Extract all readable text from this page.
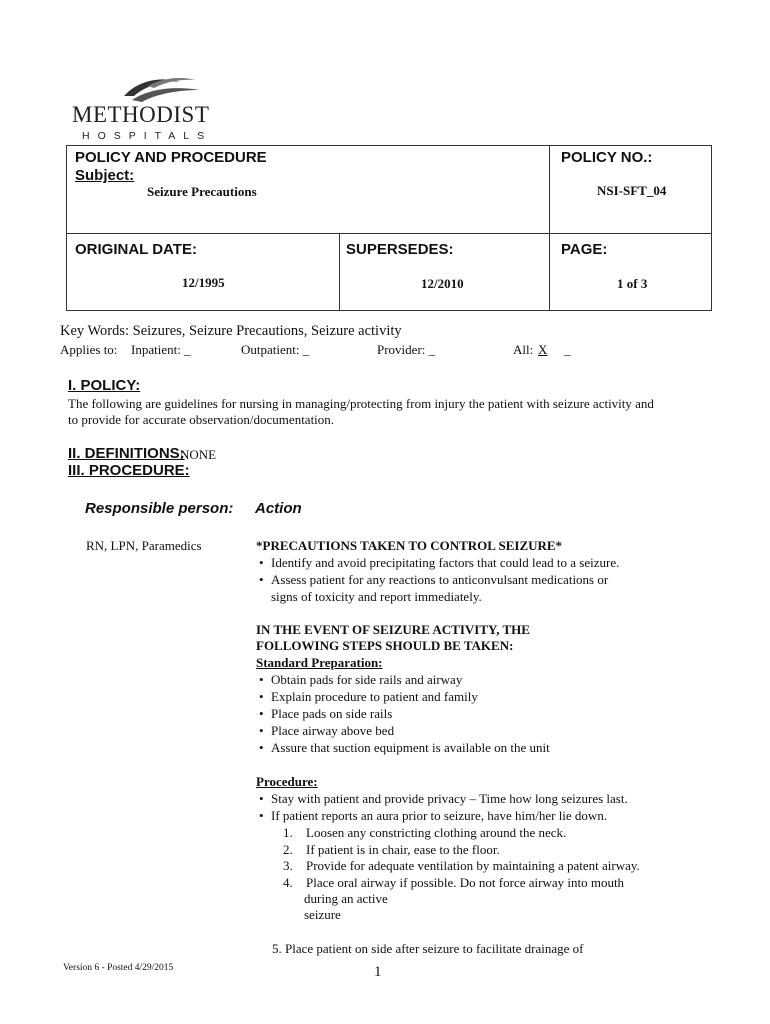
METHODIST
HOSPITALS
POLICY AND PROCEDURE
Subject:
Seizure Precautions
POLICY NO.:
NSI-SFT_04
ORIGINAL DATE:
12/1995
SUPERSEDES:
12/2010
PAGE:
1 of 3
Key Words: Seizures, Seizure Precautions, Seizure activity
Applies to: Inpatient: _	Outpatient: _	Provider: _	All: X _
I. POLICY:
The following are guidelines for nursing in managing/protecting from injury the patient with seizure activity and
to provide for accurate observation/documentation.
II. DEFINITIONS:
NONE
III. PROCEDURE:
Responsible person: Action
RN, LPN, Paramedics	*PRECAUTIONS TAKEN TO CONTROL SEIZURE*
• Identify and avoid precipitating factors that could lead to a seizure.
• Assess patient for any reactions to anticonvulsant medications or
signs of toxicity and report immediately.
IN THE EVENT OF SEIZURE ACTIVITY, THE
FOLLOWING STEPS SHOULD BE TAKEN:
Standard Preparation:
• Obtain pads for side rails and airway
• Explain procedure to patient and family
• Place pads on side rails
• Place airway above bed
• Assure that suction equipment is available on the unit
Procedure:
• Stay with patient and provide privacy – Time how long seizures last.
• If patient reports an aura prior to seizure, have him/her lie down.
1. Loosen any constricting clothing around the neck.
2. If patient is in chair, ease to the floor.
3. Provide for adequate ventilation by maintaining a patent airway.
4. Place oral airway if possible. Do not force airway into mouth
during an active
seizure
5. Place patient on side after seizure to facilitate drainage of
Version 6 - Posted 4/29/2015	1
